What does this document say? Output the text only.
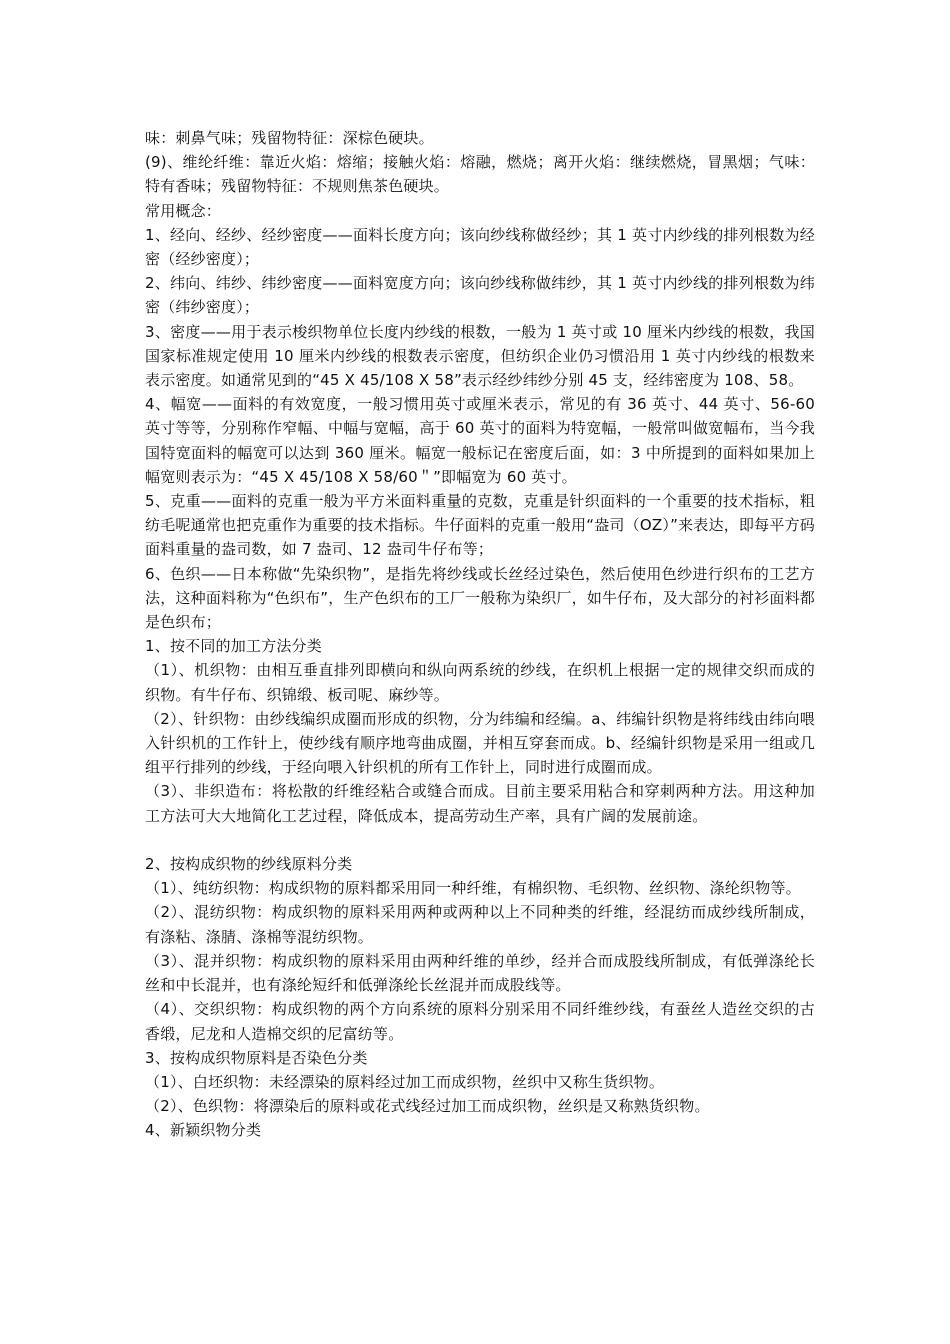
味：刺鼻气味；残留物特征：深棕色硬块。

(9)、维纶纤维：靠近火焰：熔缩；接触火焰：熔融，燃烧；离开火焰：继续燃烧，冒黑烟；气味：特有香味；残留物特征：不规则焦茶色硬块。

常用概念：

1、经向、经纱、经纱密度——面料长度方向；该向纱线称做经纱；其 1 英寸内纱线的排列根数为经密（经纱密度）；

2、纬向、纬纱、纬纱密度——面料宽度方向；该向纱线称做纬纱，其 1 英寸内纱线的排列根数为纬密（纬纱密度）；

3、密度——用于表示梭织物单位长度内纱线的根数，一般为 1 英寸或 10 厘米内纱线的根数，我国国家标准规定使用 10 厘米内纱线的根数表示密度，但纺织企业仍习惯沿用 1 英寸内纱线的根数来表示密度。如通常见到的“45 X 45/108 X 58”表示经纱纬纱分别 45 支，经纬密度为 108、58。

4、幅宽——面料的有效宽度，一般习惯用英寸或厘米表示，常见的有 36 英寸、44 英寸、56-60 英寸等等，分别称作窄幅、中幅与宽幅，高于 60 英寸的面料为特宽幅，一般常叫做宽幅布，当今我国特宽面料的幅宽可以达到 360 厘米。幅宽一般标记在密度后面，如：3 中所提到的面料如果加上幅宽则表示为：“45 X 45/108 X 58/60＂”即幅宽为 60 英寸。

5、克重——面料的克重一般为平方米面料重量的克数，克重是针织面料的一个重要的技术指标，粗纺毛呢通常也把克重作为重要的技术指标。牛仔面料的克重一般用“盎司（OZ）”来表达，即每平方码面料重量的盎司数，如 7 盎司、12 盎司牛仔布等；

6、色织——日本称做“先染织物”，是指先将纱线或长丝经过染色，然后使用色纱进行织布的工艺方法，这种面料称为“色织布”，生产色织布的工厂一般称为染织厂，如牛仔布，及大部分的衬衫面料都是色织布；

1、按不同的加工方法分类

（1）、机织物：由相互垂直排列即横向和纵向两系统的纱线，在织机上根据一定的规律交织而成的织物。有牛仔布、织锦缎、板司呢、麻纱等。

（2）、针织物：由纱线编织成圈而形成的织物，分为纬编和经编。a、纬编针织物是将纬线由纬向喂入针织机的工作针上，使纱线有顺序地弯曲成圈，并相互穿套而成。b、经编针织物是采用一组或几组平行排列的纱线，于经向喂入针织机的所有工作针上，同时进行成圈而成。

（3）、非织造布：将松散的纤维经粘合或缝合而成。目前主要采用粘合和穿刺两种方法。用这种加工方法可大大地简化工艺过程，降低成本，提高劳动生产率，具有广阔的发展前途。

2、按构成织物的纱线原料分类

（1）、纯纺织物：构成织物的原料都采用同一种纤维，有棉织物、毛织物、丝织物、涤纶织物等。

（2）、混纺织物：构成织物的原料采用两种或两种以上不同种类的纤维，经混纺而成纱线所制成，有涤粘、涤腈、涤棉等混纺织物。

（3）、混并织物：构成织物的原料采用由两种纤维的单纱，经并合而成股线所制成，有低弹涤纶长丝和中长混并，也有涤纶短纤和低弹涤纶长丝混并而成股线等。

（4）、交织织物：构成织物的两个方向系统的原料分别采用不同纤维纱线，有蚕丝人造丝交织的古香缎，尼龙和人造棉交织的尼富纺等。

3、按构成织物原料是否染色分类

（1）、白坯织物：未经漂染的原料经过加工而成织物，丝织中又称生货织物。

（2）、色织物：将漂染后的原料或花式线经过加工而成织物，丝织是又称熟货织物。

4、新颖织物分类
